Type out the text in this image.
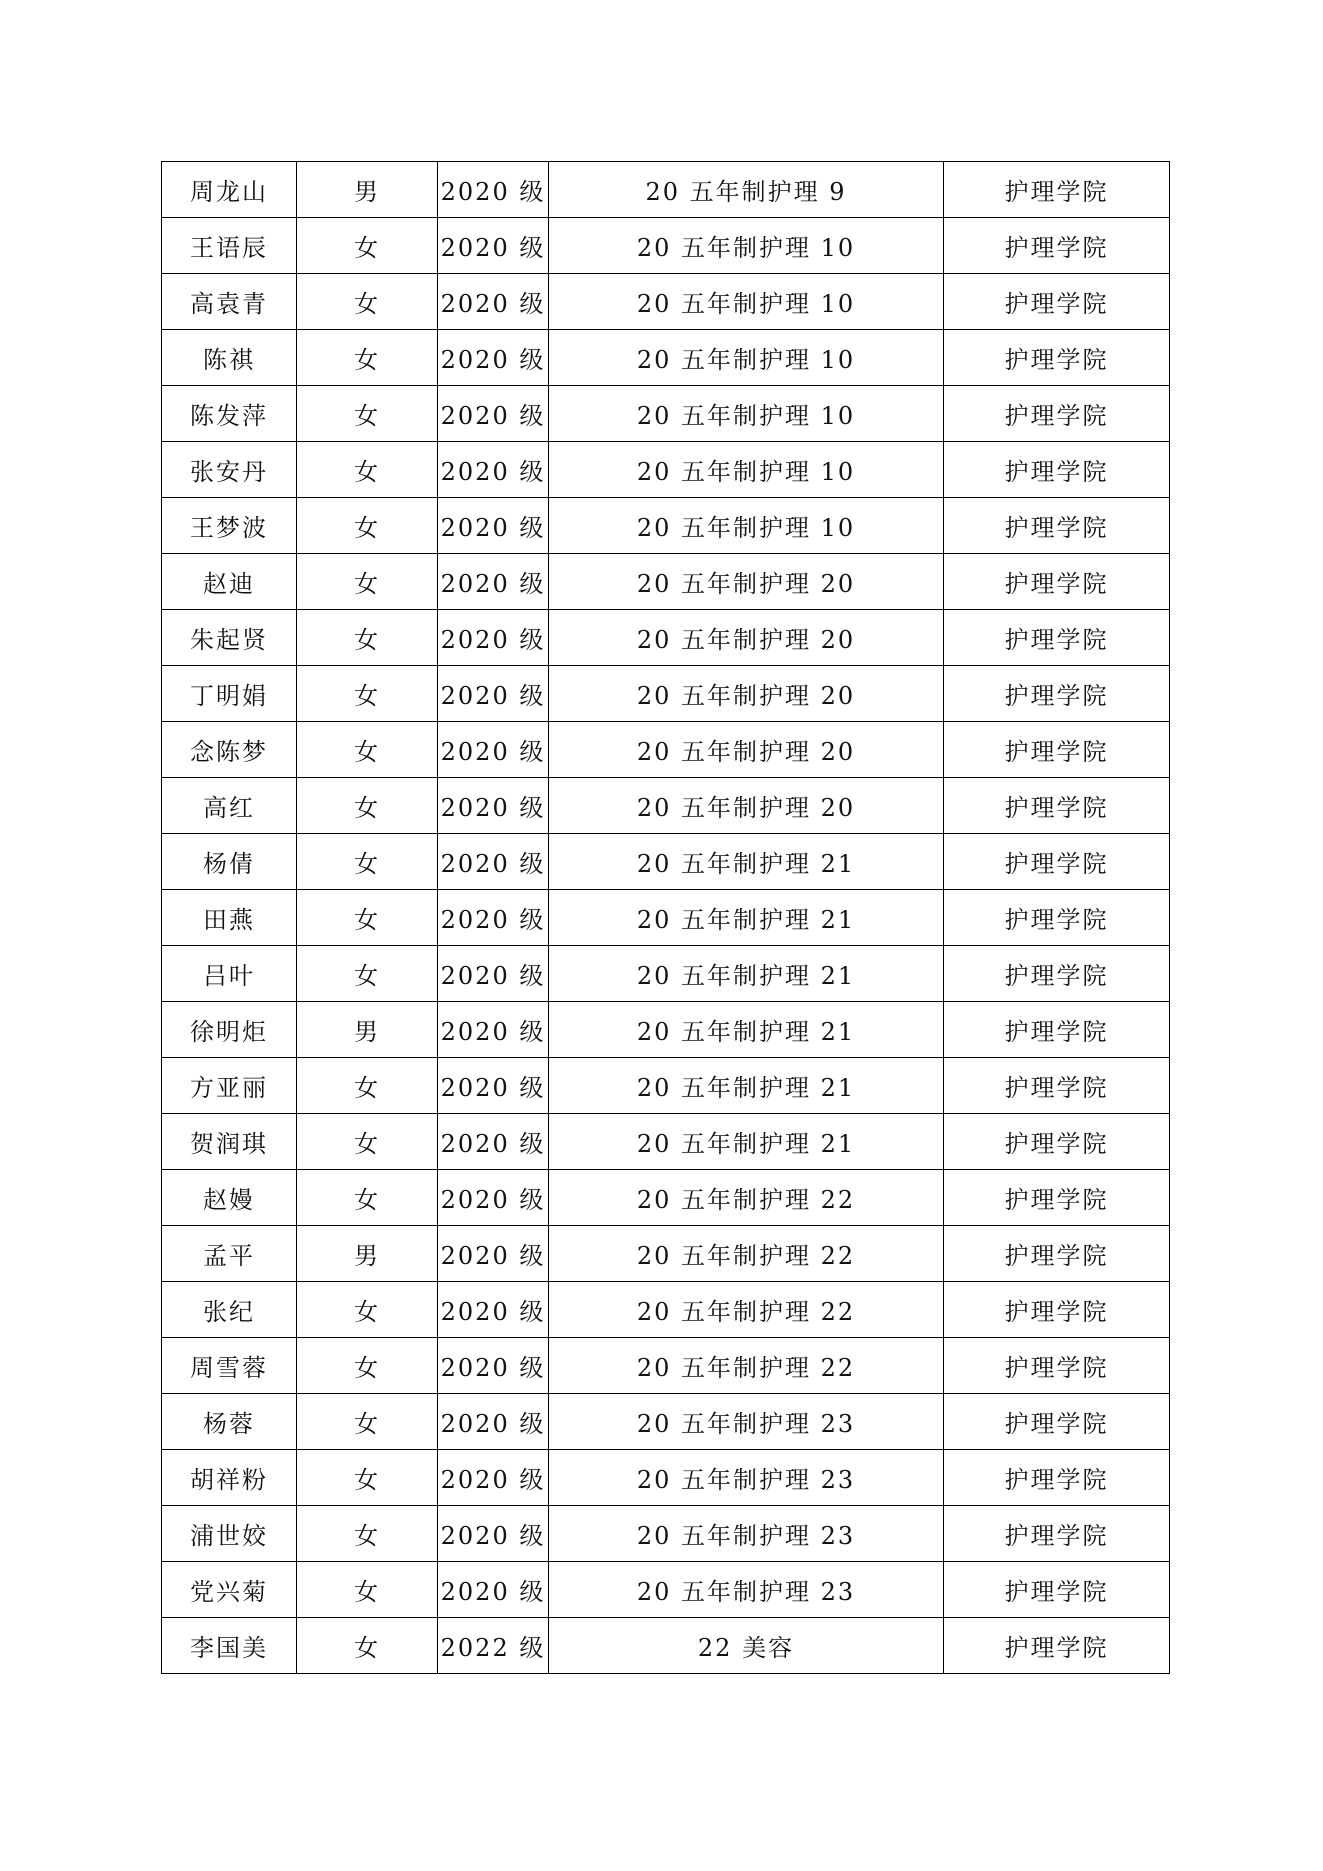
周龙山	男	2020 级	20 五年制护理 9	护理学院
王语辰	女	2020 级	20 五年制护理 10	护理学院
高袁青	女	2020 级	20 五年制护理 10	护理学院
陈祺	女	2020 级	20 五年制护理 10	护理学院
陈发萍	女	2020 级	20 五年制护理 10	护理学院
张安丹	女	2020 级	20 五年制护理 10	护理学院
王梦波	女	2020 级	20 五年制护理 10	护理学院
赵迪	女	2020 级	20 五年制护理 20	护理学院
朱起贤	女	2020 级	20 五年制护理 20	护理学院
丁明娟	女	2020 级	20 五年制护理 20	护理学院
念陈梦	女	2020 级	20 五年制护理 20	护理学院
高红	女	2020 级	20 五年制护理 20	护理学院
杨倩	女	2020 级	20 五年制护理 21	护理学院
田燕	女	2020 级	20 五年制护理 21	护理学院
吕叶	女	2020 级	20 五年制护理 21	护理学院
徐明炬	男	2020 级	20 五年制护理 21	护理学院
方亚丽	女	2020 级	20 五年制护理 21	护理学院
贺润琪	女	2020 级	20 五年制护理 21	护理学院
赵嫚	女	2020 级	20 五年制护理 22	护理学院
孟平	男	2020 级	20 五年制护理 22	护理学院
张纪	女	2020 级	20 五年制护理 22	护理学院
周雪蓉	女	2020 级	20 五年制护理 22	护理学院
杨蓉	女	2020 级	20 五年制护理 23	护理学院
胡祥粉	女	2020 级	20 五年制护理 23	护理学院
浦世姣	女	2020 级	20 五年制护理 23	护理学院
党兴菊	女	2020 级	20 五年制护理 23	护理学院
李国美	女	2022 级	22 美容	护理学院
